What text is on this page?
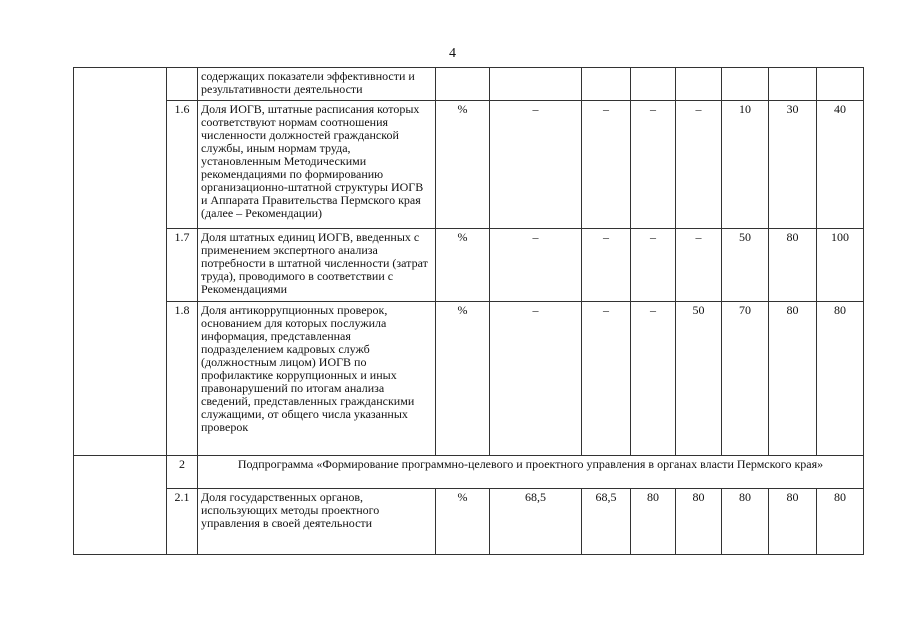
4
		содержащих показатели эффективности и результативности деятельности								
	1.6	Доля ИОГВ, штатные расписания которых соответствуют нормам соотношения численности должностей гражданской службы, иным нормам труда, установленным Методическими рекомендациями по формированию организационно-штатной структуры ИОГВ и Аппарата Правительства Пермского края (далее – Рекомендации)	%	–	–	–	–	10	30	40
	1.7	Доля штатных единиц ИОГВ, введенных с применением экспертного анализа потребности в штатной численности (затрат труда), проводимого в соответствии с Рекомендациями	%	–	–	–	–	50	80	100
	1.8	Доля антикоррупционных проверок, основанием для которых послужила информация, представленная подразделением кадровых служб (должностным лицом) ИОГВ по профилактике коррупционных и иных правонарушений по итогам анализа сведений, представленных гражданскими служащими, от общего числа указанных проверок	%	–	–	–	50	70	80	80
	2	Подпрограмма «Формирование программно-целевого и проектного управления в органах власти Пермского края»								
	2.1	Доля государственных органов, использующих методы проектного управления в своей деятельности	%	68,5	68,5	80	80	80	80	80
